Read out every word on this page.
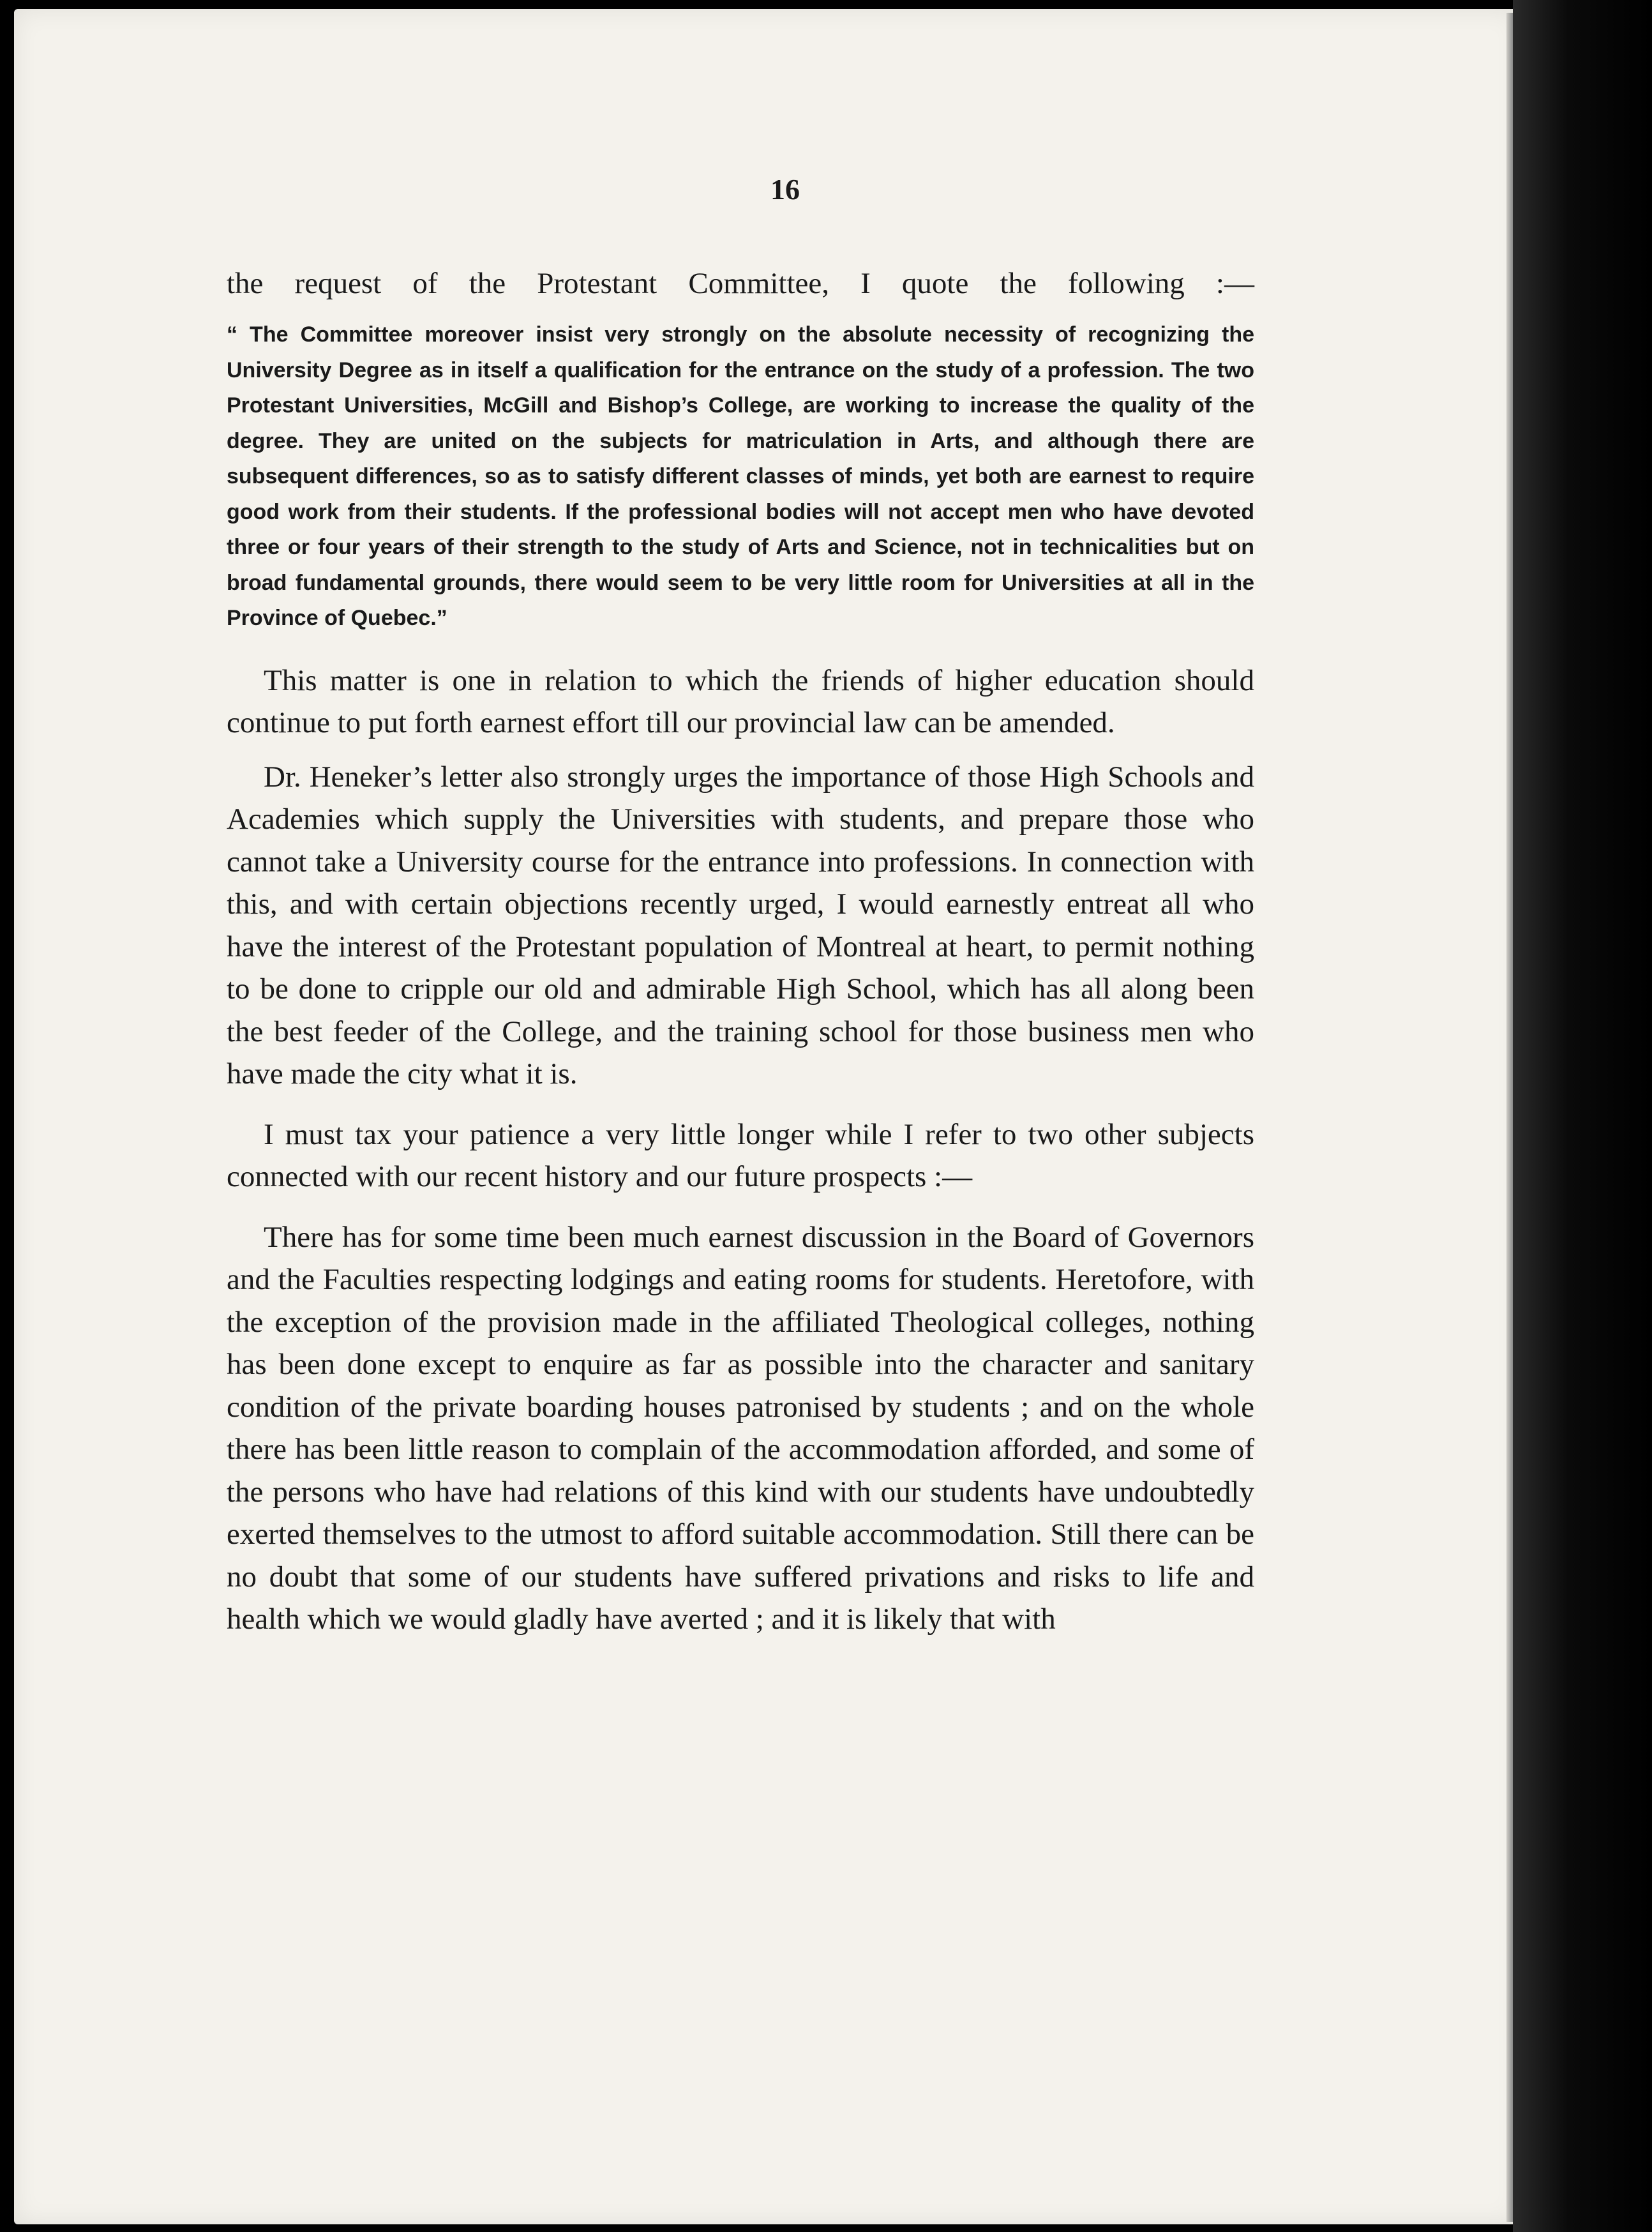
16

the request of the Protestant Committee, I quote the following :—

“ The Committee moreover insist very strongly on the absolute necessity of recognizing the University Degree as in itself a qualification for the entrance on the study of a profession. The two Protestant Universities, McGill and Bishop’s College, are working to increase the quality of the degree. They are united on the subjects for matriculation in Arts, and although there are subsequent differences, so as to satisfy different classes of minds, yet both are earnest to require good work from their students. If the professional bodies will not accept men who have devoted three or four years of their strength to the study of Arts and Science, not in technicalities but on broad fundamental grounds, there would seem to be very little room for Universities at all in the Province of Quebec.”

This matter is one in relation to which the friends of higher education should continue to put forth earnest effort till our provincial law can be amended.

Dr. Heneker’s letter also strongly urges the importance of those High Schools and Academies which supply the Universities with students, and prepare those who cannot take a University course for the entrance into professions. In connection with this, and with certain objections recently urged, I would earnestly entreat all who have the interest of the Protestant population of Montreal at heart, to permit nothing to be done to cripple our old and admirable High School, which has all along been the best feeder of the College, and the training school for those business men who have made the city what it is.

I must tax your patience a very little longer while I refer to two other subjects connected with our recent history and our future prospects :—

There has for some time been much earnest discussion in the Board of Governors and the Faculties respecting lodgings and eating rooms for students. Heretofore, with the exception of the provision made in the affiliated Theological colleges, nothing has been done except to enquire as far as possible into the character and sanitary condition of the private boarding houses patronised by students ; and on the whole there has been little reason to complain of the accommodation afforded, and some of the persons who have had relations of this kind with our students have undoubtedly exerted themselves to the utmost to afford suitable accommodation. Still there can be no doubt that some of our students have suffered privations and risks to life and health which we would gladly have averted ; and it is likely that with
